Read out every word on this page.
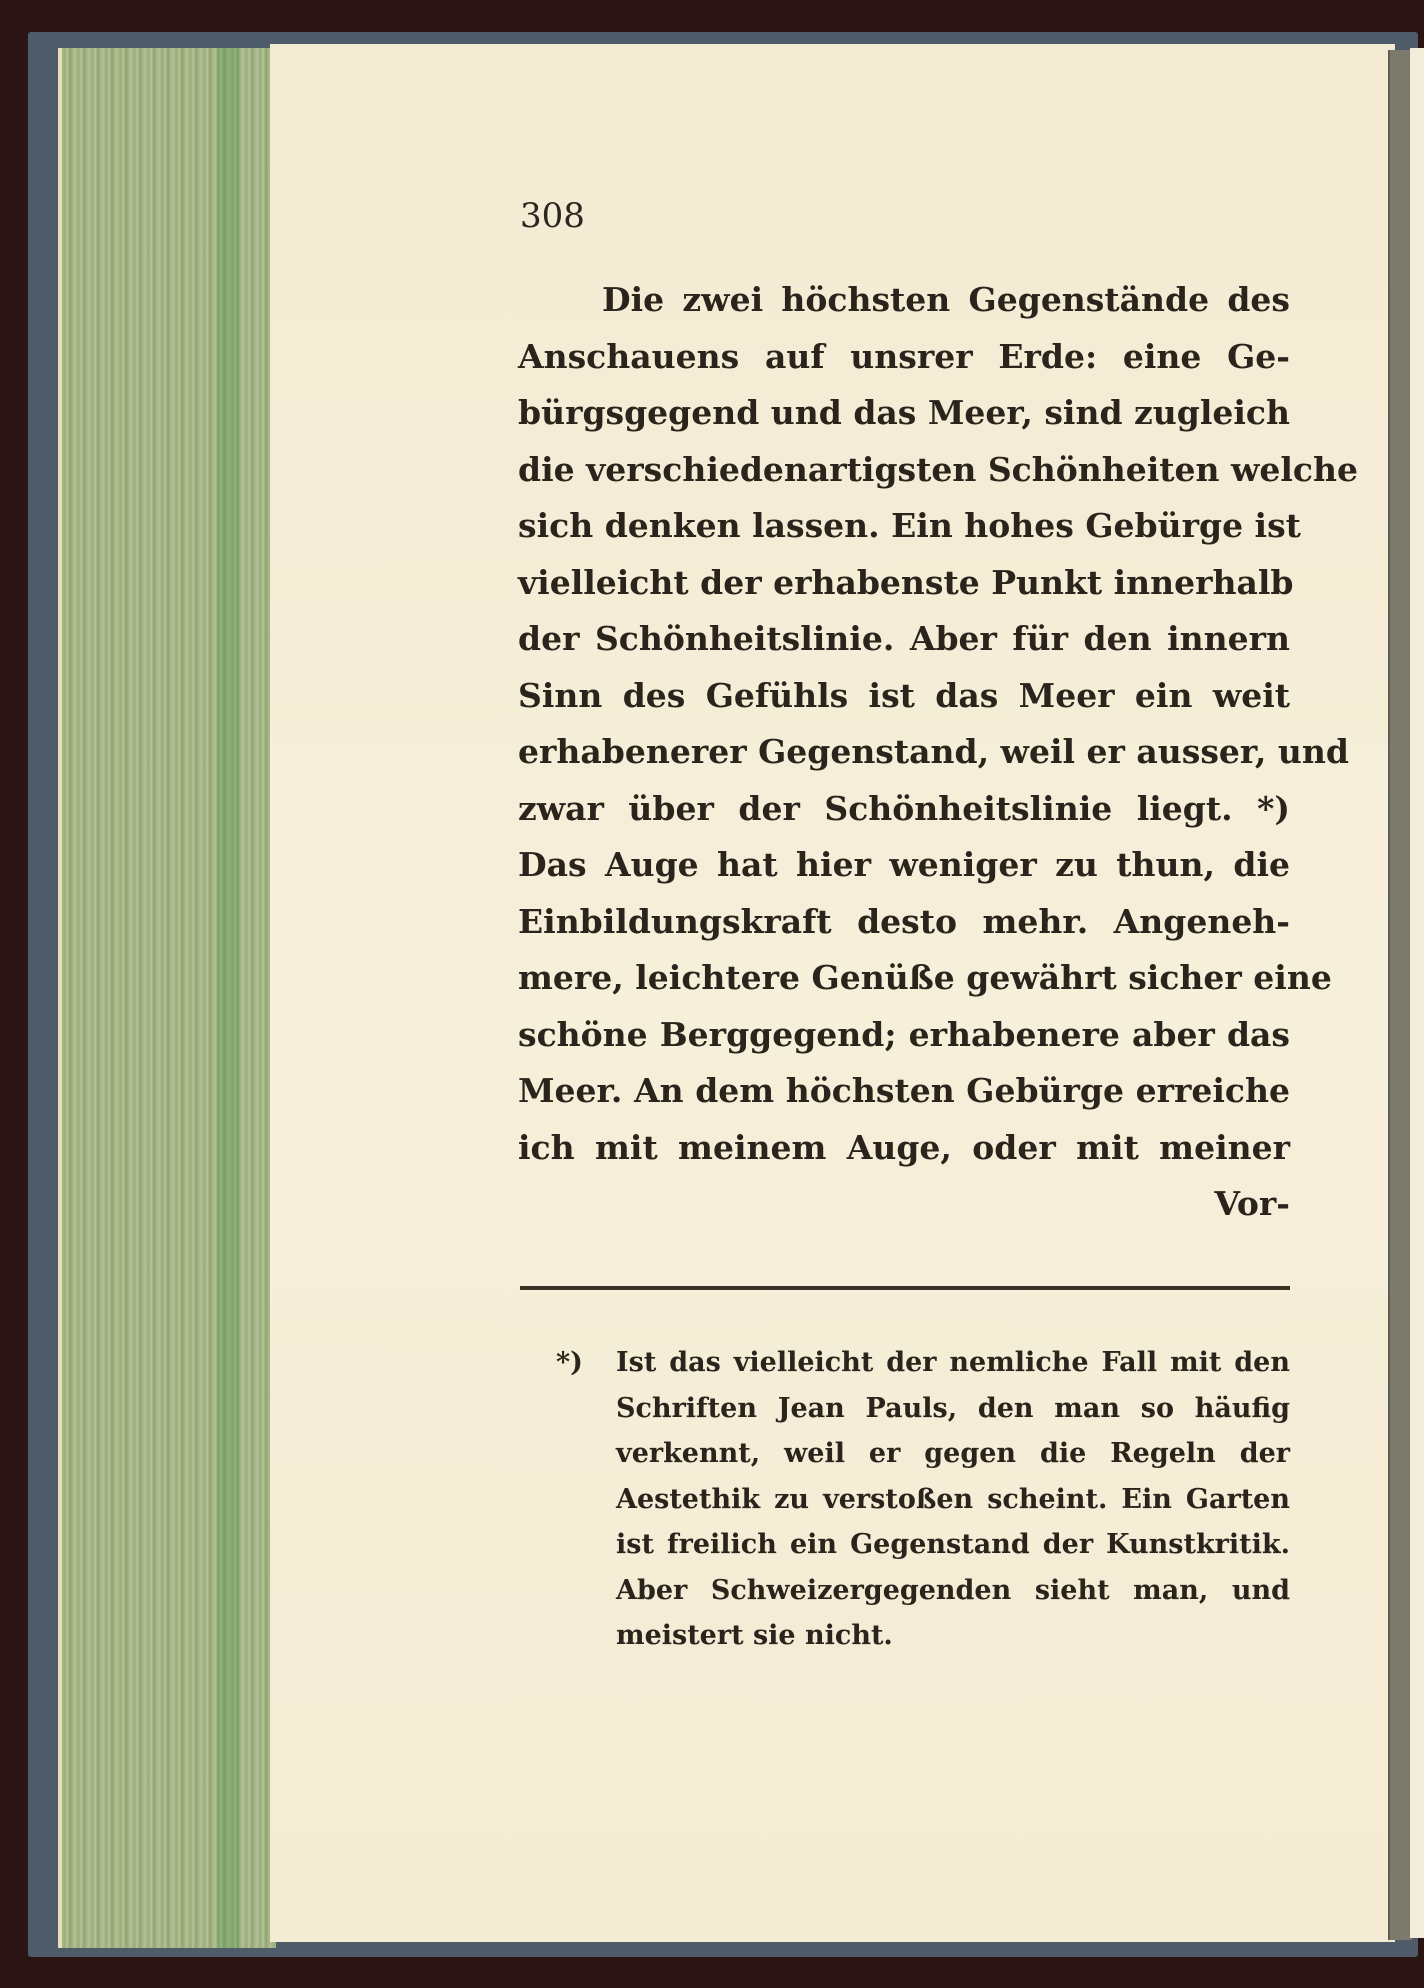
308
Die zwei höchsten Gegenstände des
Anschauens auf unsrer Erde: eine Ge-
bürgsgegend und das Meer, sind zugleich
die verschiedenartigsten Schönheiten welche
sich denken lassen. Ein hohes Gebürge ist
vielleicht der erhabenste Punkt innerhalb
der Schönheitslinie. Aber für den innern
Sinn des Gefühls ist das Meer ein weit
erhabenerer Gegenstand, weil er ausser, und
zwar über der Schönheitslinie liegt. *)
Das Auge hat hier weniger zu thun, die
Einbildungskraft desto mehr. Angeneh-
mere, leichtere Genüße gewährt sicher eine
schöne Berggegend; erhabenere aber das
Meer. An dem höchsten Gebürge erreiche
ich mit meinem Auge, oder mit meiner
Vor-
*) Ist das vielleicht der nemliche Fall mit den
Schriften Jean Pauls, den man so häufig
verkennt, weil er gegen die Regeln der
Aestethik zu verstoßen scheint. Ein Garten
ist freilich ein Gegenstand der Kunstkritik.
Aber Schweizergegenden sieht man, und
meistert sie nicht.
